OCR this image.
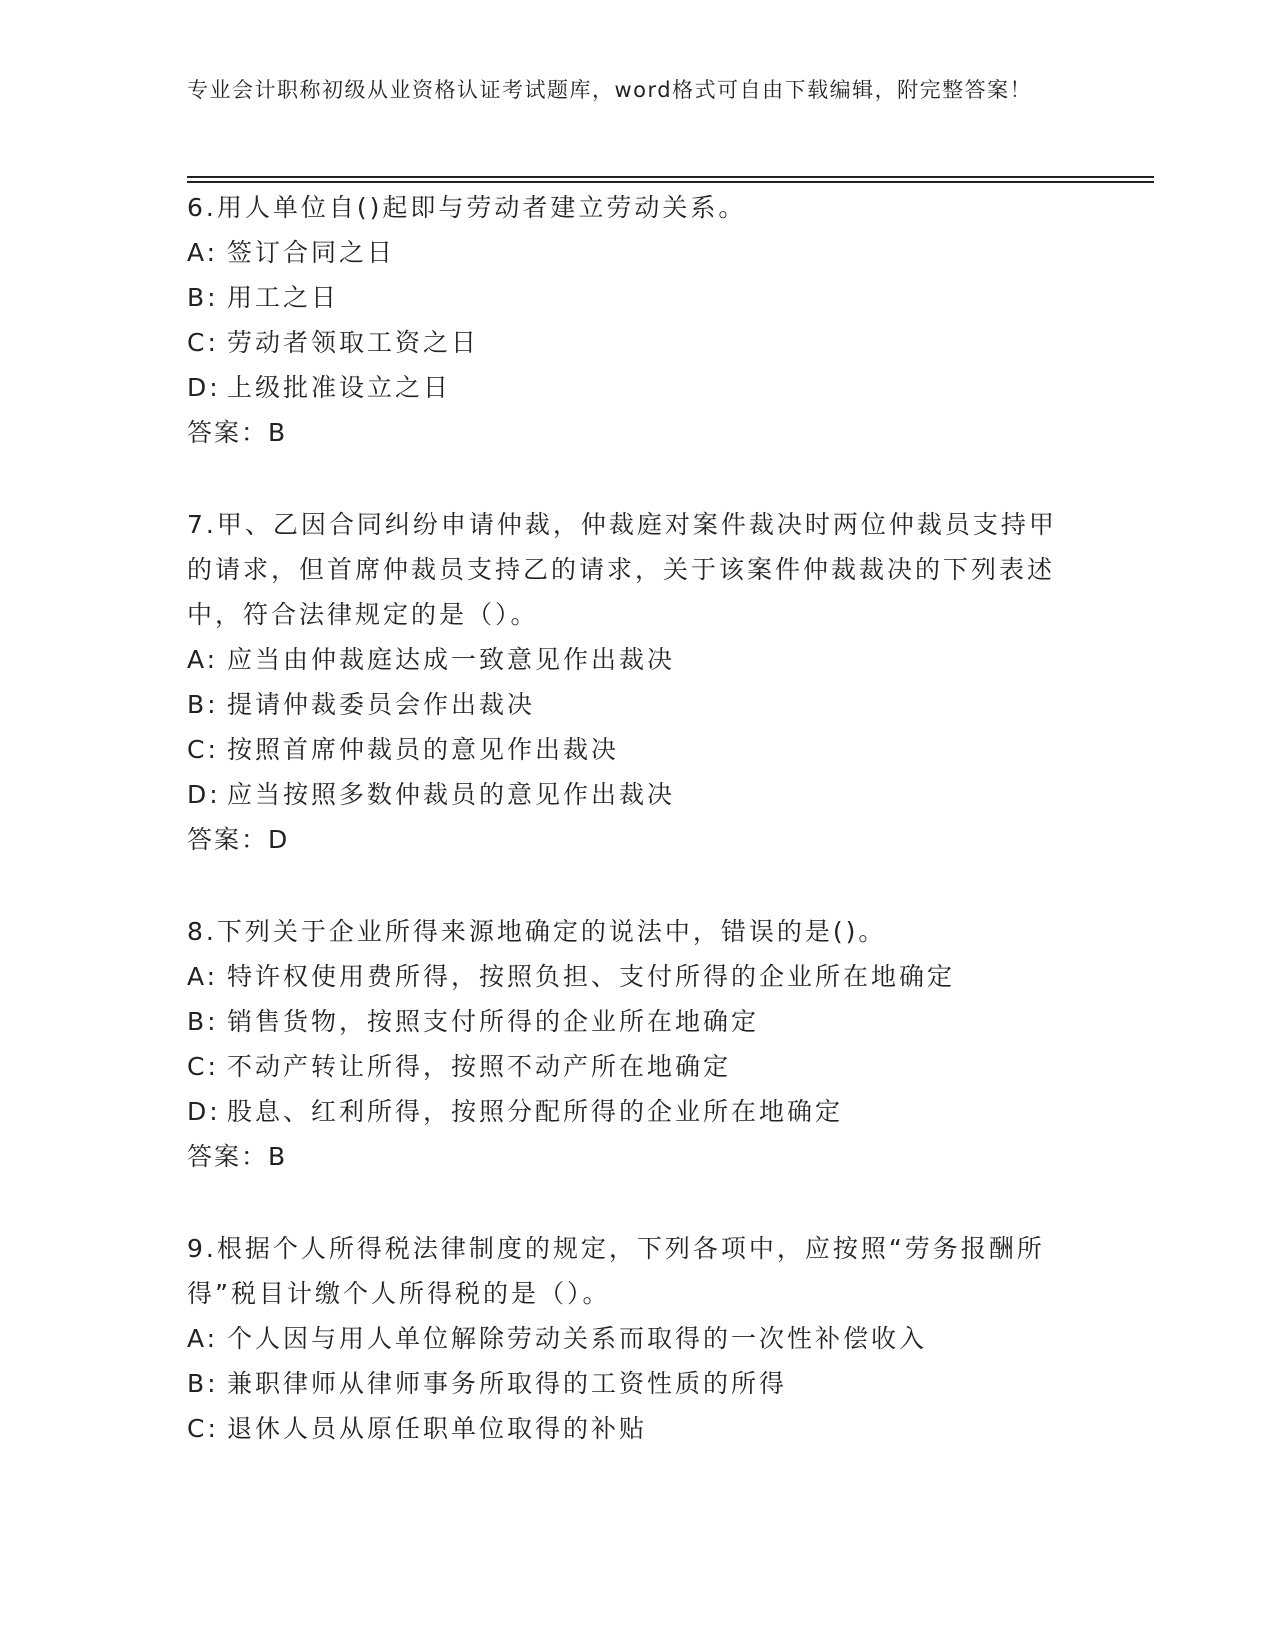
专业会计职称初级从业资格认证考试题库，word格式可自由下载编辑，附完整答案！

6.用人单位自()起即与劳动者建立劳动关系。

A: 签订合同之日

B: 用工之日

C: 劳动者领取工资之日

D: 上级批准设立之日

答案：B

7.甲、乙因合同纠纷申请仲裁，仲裁庭对案件裁决时两位仲裁员支持甲的请求，但首席仲裁员支持乙的请求，关于该案件仲裁裁决的下列表述中，符合法律规定的是（）。

A: 应当由仲裁庭达成一致意见作出裁决

B: 提请仲裁委员会作出裁决

C: 按照首席仲裁员的意见作出裁决

D: 应当按照多数仲裁员的意见作出裁决

答案：D

8.下列关于企业所得来源地确定的说法中，错误的是()。

A: 特许权使用费所得，按照负担、支付所得的企业所在地确定

B: 销售货物，按照支付所得的企业所在地确定

C: 不动产转让所得，按照不动产所在地确定

D: 股息、红利所得，按照分配所得的企业所在地确定

答案：B

9.根据个人所得税法律制度的规定，下列各项中，应按照“劳务报酬所得”税目计缴个人所得税的是（）。

A: 个人因与用人单位解除劳动关系而取得的一次性补偿收入

B: 兼职律师从律师事务所取得的工资性质的所得

C: 退休人员从原任职单位取得的补贴
